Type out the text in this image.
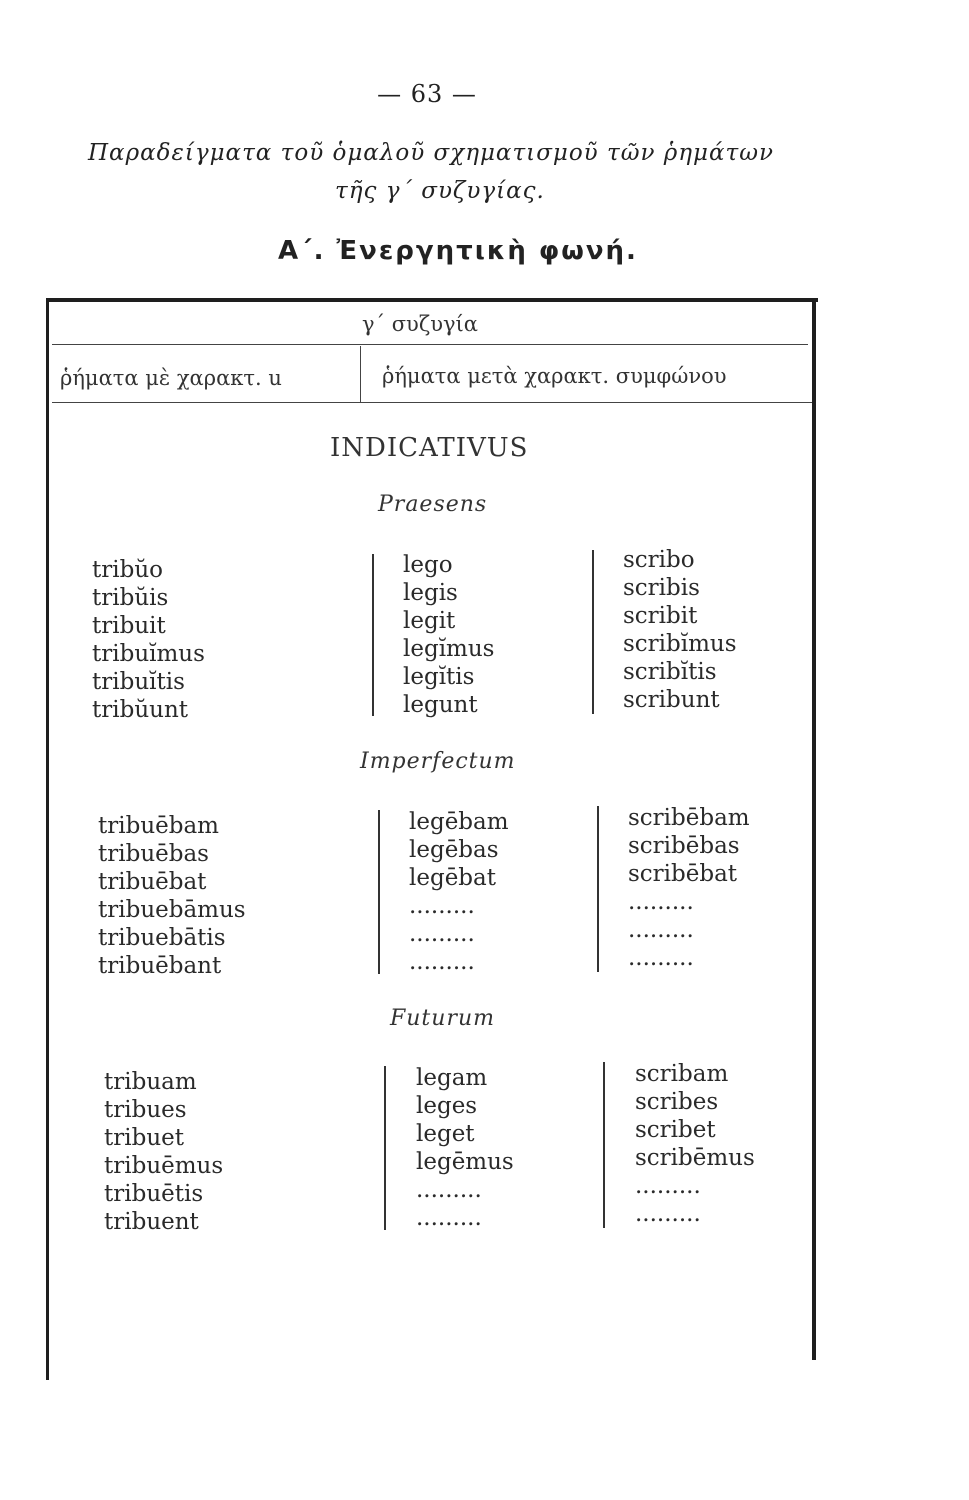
— 63 —
Παραδείγματα τοῦ ὁμαλοῦ σχηματισμοῦ τῶν ῥημάτων
τῆς γ΄ συζυγίας.
Α΄. Ἐνεργητικὴ φωνή.
γ΄ συζυγία
ῥήματα μὲ χαρακτ. u	ῥήματα μετὰ χαρακτ. συμφώνου
INDICATIVUS
Praesens
tribŭo
tribŭis
tribuit
tribuĭmus
tribuĭtis
tribŭunt
lego
legis
legit
legĭmus
legĭtis
legunt
scribo
scribis
scribit
scribĭmus
scribĭtis
scribunt
Imperfectum
tribuēbam
tribuēbas
tribuēbat
tribuebāmus
tribuebātis
tribuēbant
legēbam
legēbas
legēbat
.........
.........
.........
scribēbam
scribēbas
scribēbat
.........
.........
.........
Futurum
tribuam
tribues
tribuet
tribuēmus
tribuētis
tribuent
legam
leges
leget
legēmus
.........
.........
scribam
scribes
scribet
scribēmus
.........
.........
